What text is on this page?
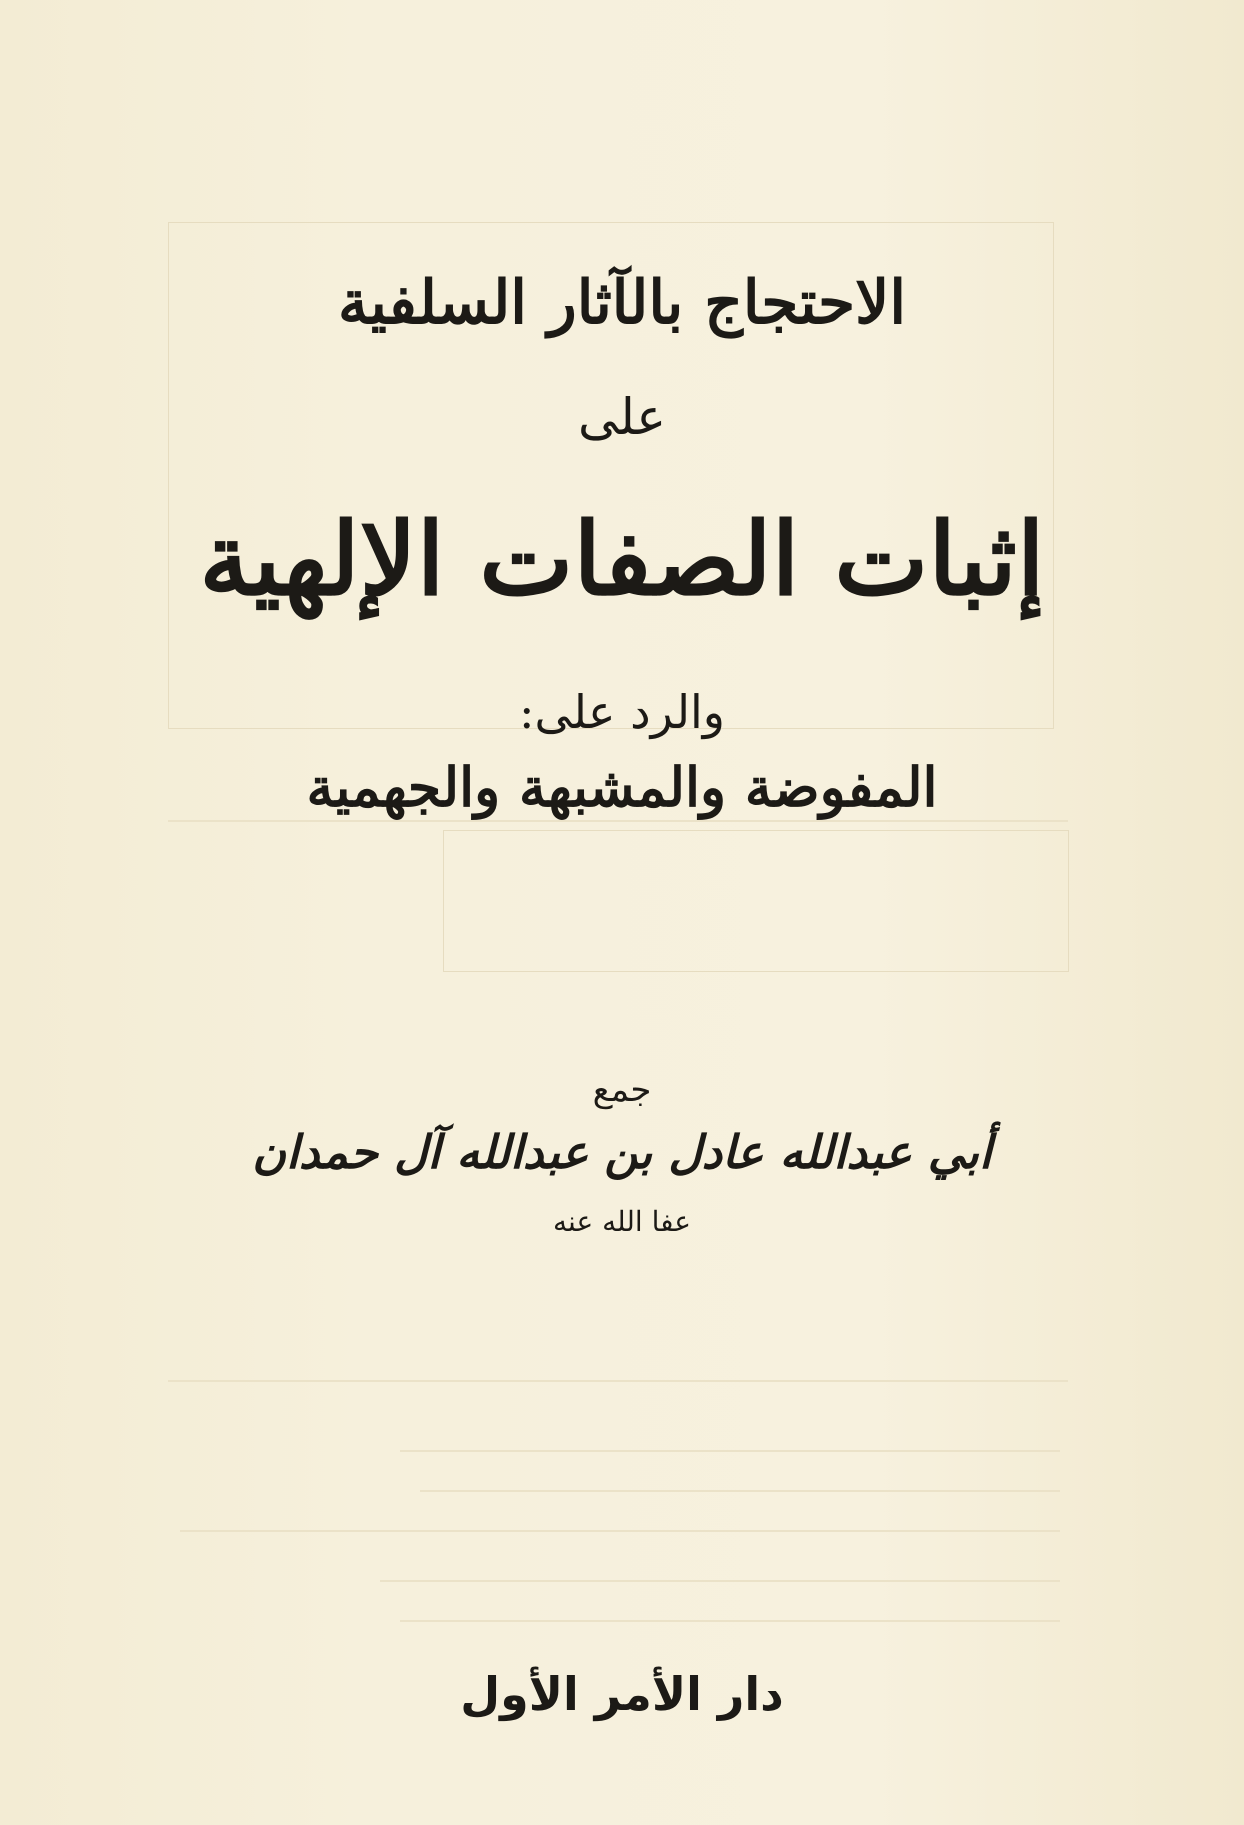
الاحتجاج بالآثار السلفية
على
إثبات الصفات الإلهية
والرد على:
المفوضة والمشبهة والجهمية
جمع
أبي عبدالله عادل بن عبدالله آل حمدان
عفا الله عنه
دار الأمر الأول
